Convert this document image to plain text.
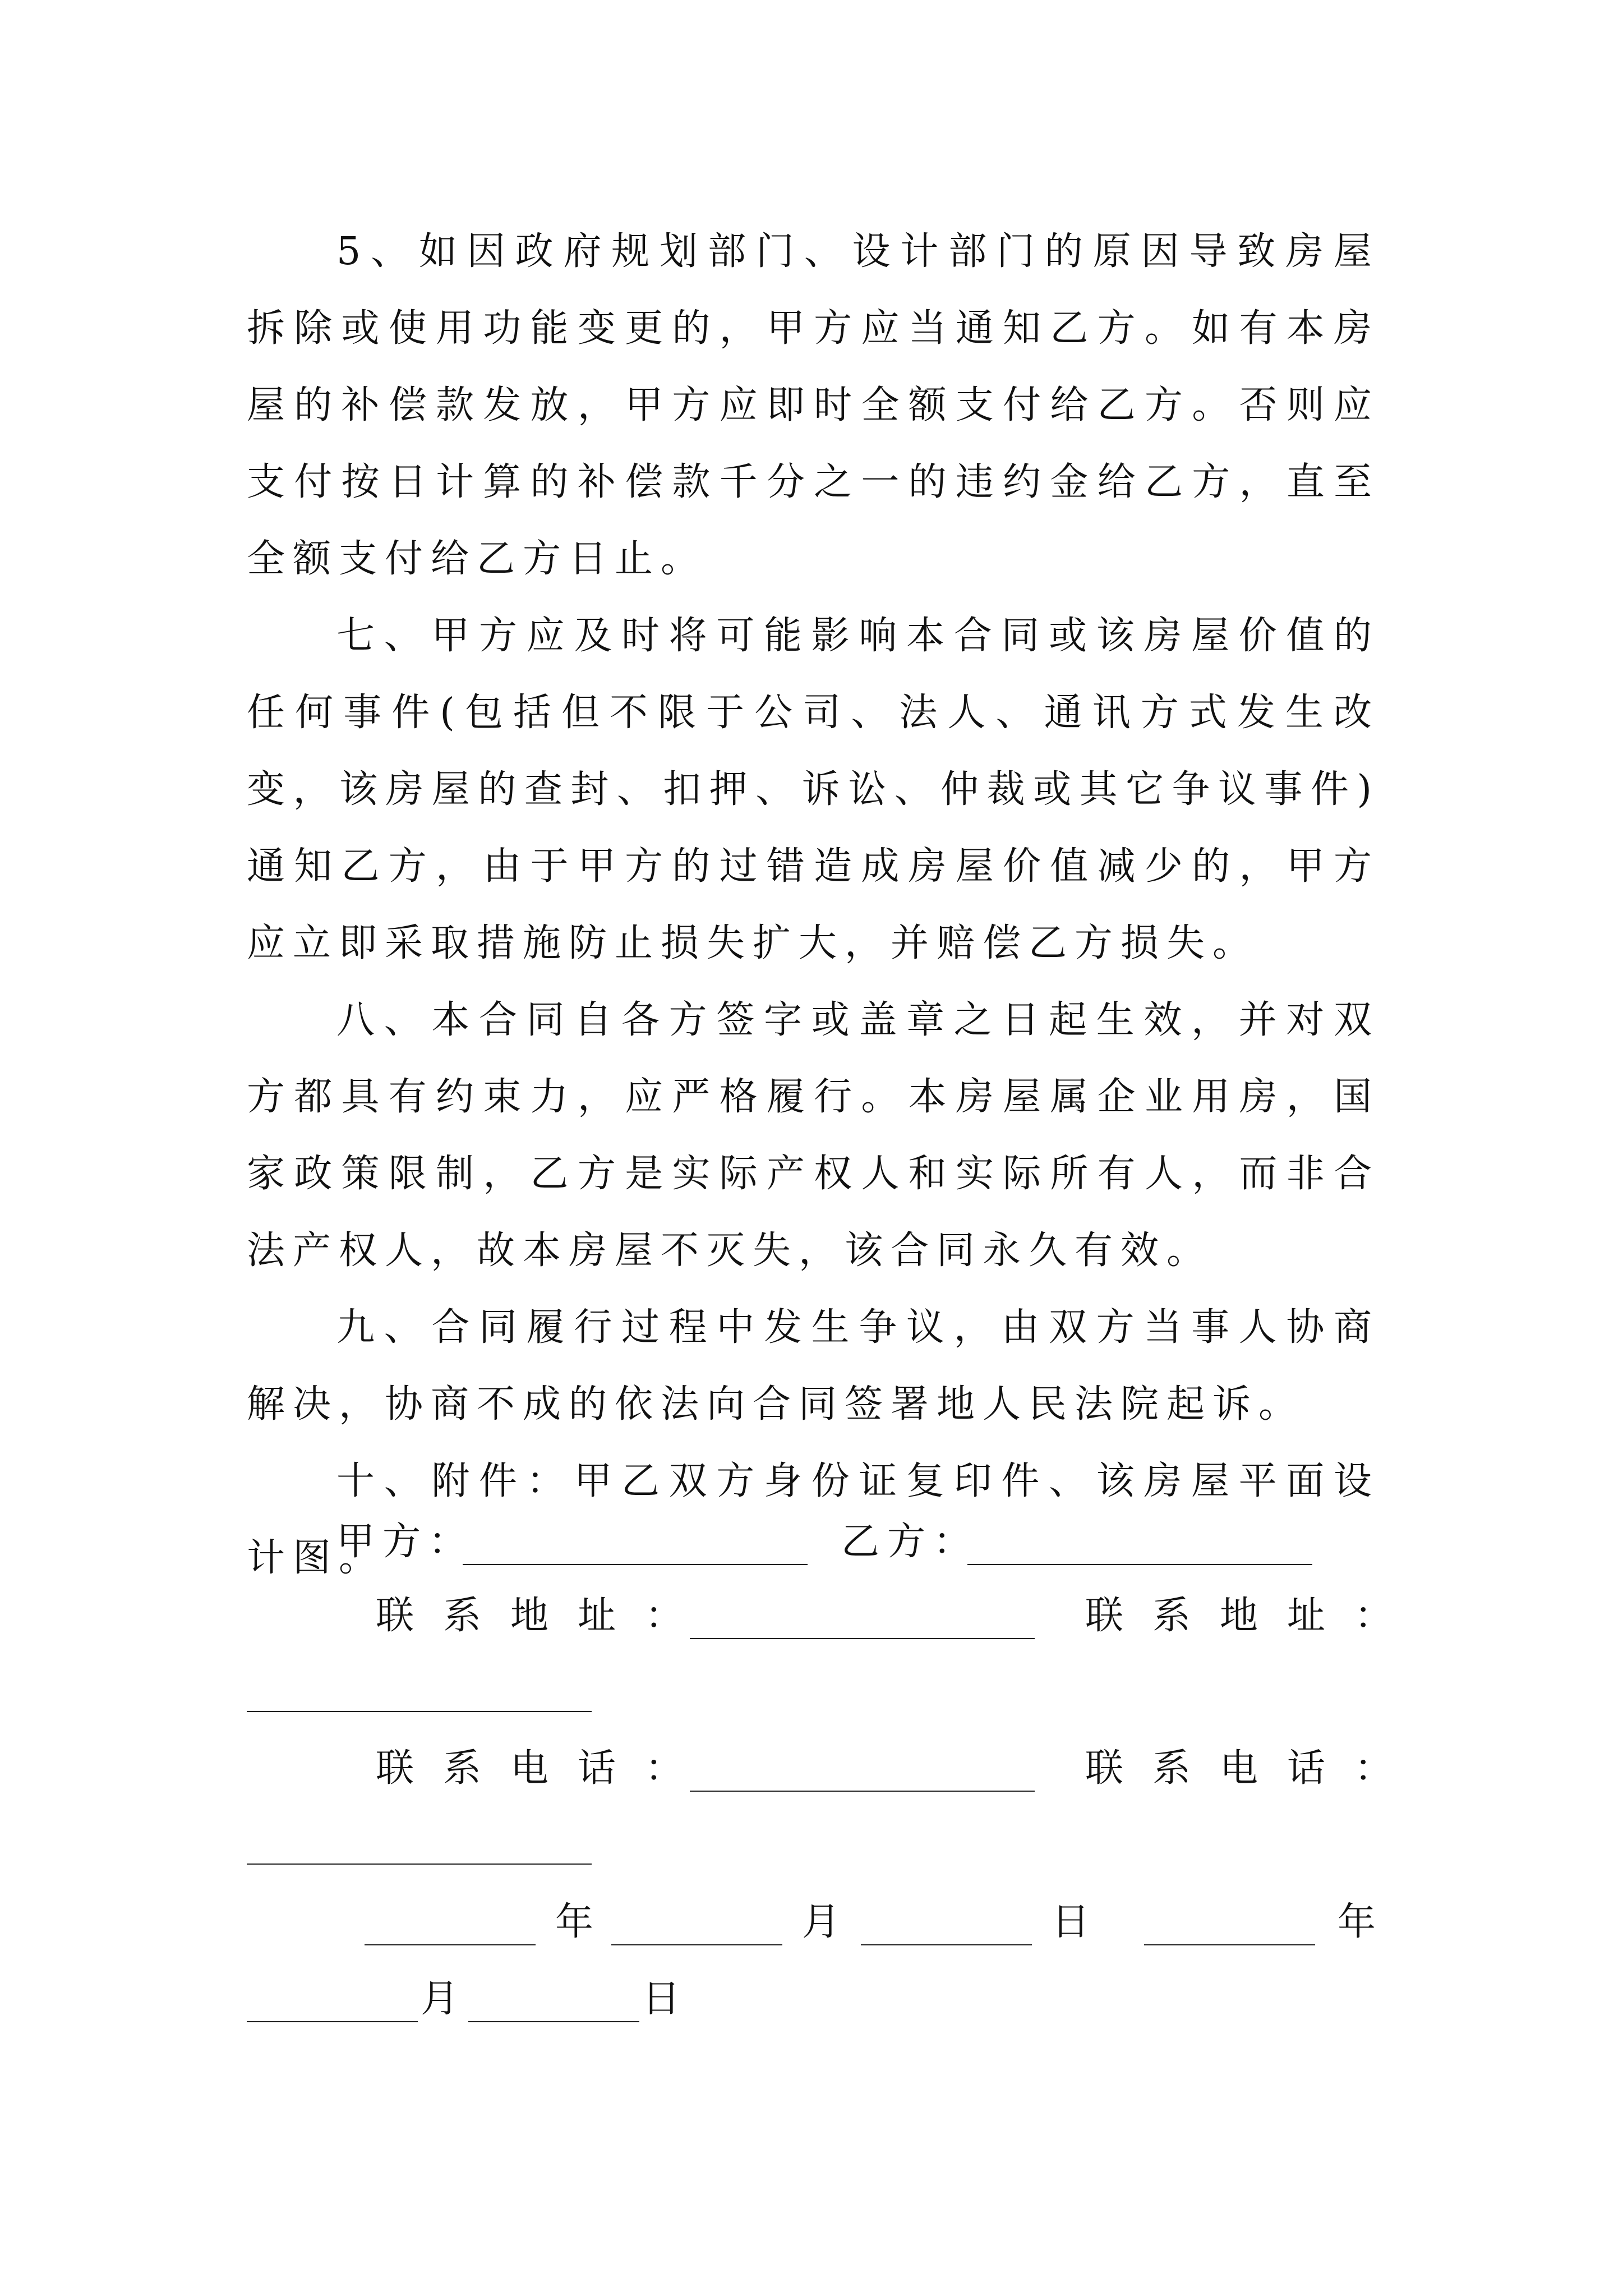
5、如因政府规划部门、设计部门的原因导致房屋拆除或使用功能变更的，甲方应当通知乙方。如有本房屋的补偿款发放，甲方应即时全额支付给乙方。否则应支付按日计算的补偿款千分之一的违约金给乙方，直至全额支付给乙方日止。

七、甲方应及时将可能影响本合同或该房屋价值的任何事件(包括但不限于公司、法人、通讯方式发生改变，该房屋的查封、扣押、诉讼、仲裁或其它争议事件)通知乙方，由于甲方的过错造成房屋价值减少的，甲方应立即采取措施防止损失扩大，并赔偿乙方损失。

八、本合同自各方签字或盖章之日起生效，并对双方都具有约束力，应严格履行。本房屋属企业用房，国家政策限制，乙方是实际产权人和实际所有人，而非合法产权人，故本房屋不灭失，该合同永久有效。

九、合同履行过程中发生争议，由双方当事人协商解决，协商不成的依法向合同签署地人民法院起诉。

十、附件：甲乙双方身份证复印件、该房屋平面设计图。

甲方：	乙方：
联系地址：	联系地址：
联系电话：	联系电话：
年	月	日	年
月	日
